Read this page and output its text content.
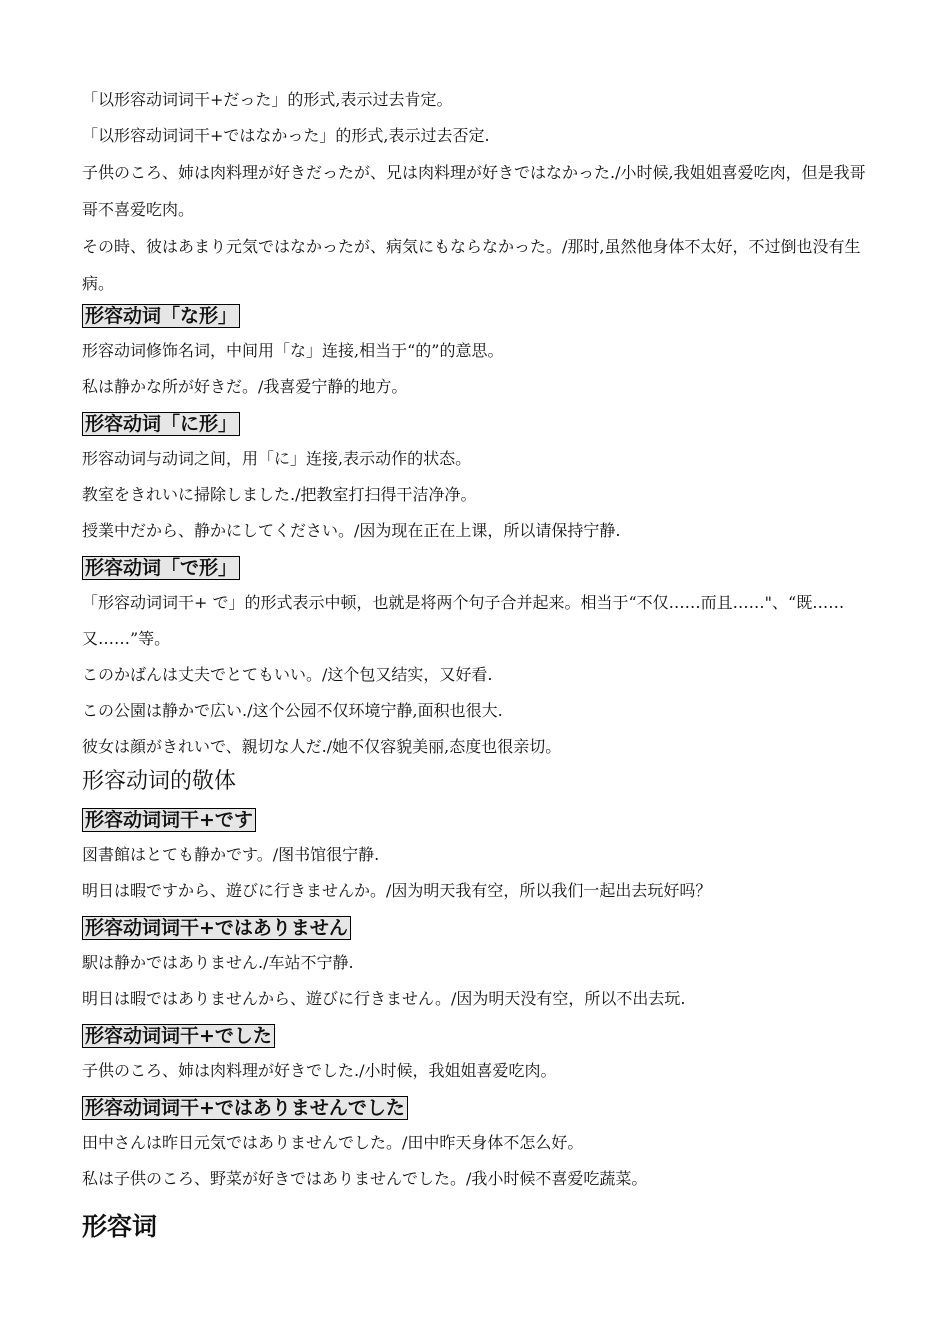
「以形容动词词干+だった」的形式,表示过去肯定。

「以形容动词词干+ではなかった」的形式,表示过去否定.

子供のころ、姉は肉料理が好きだったが、兄は肉料理が好きではなかった./小时候,我姐姐喜爱吃肉，但是我哥哥不喜爱吃肉。

その時、彼はあまり元気ではなかったが、病気にもならなかった。/那时,虽然他身体不太好，不过倒也没有生病。

形容动词「な形」

形容动词修饰名词，中间用「な」连接,相当于“的”的意思。

私は静かな所が好きだ。/我喜爱宁静的地方。

形容动词「に形」

形容动词与动词之间，用「に」连接,表示动作的状态。

教室をきれいに掃除しました./把教室打扫得干洁净净。

授業中だから、静かにしてください。/因为现在正在上课，所以请保持宁静.

形容动词「で形」

「形容动词词干+ で」的形式表示中顿，也就是将两个句子合并起来。相当于“不仅……而且……"、“既……又……”等。

このかばんは丈夫でとてもいい。/这个包又结实，又好看.

この公園は静かで広い./这个公园不仅环境宁静,面积也很大.

彼女は顔がきれいで、親切な人だ./她不仅容貌美丽,态度也很亲切。

形容动词的敬体

形容动词词干+です

図書館はとても静かです。/图书馆很宁静.

明日は暇ですから、遊びに行きませんか。/因为明天我有空，所以我们一起出去玩好吗？

形容动词词干+ではありません

駅は静かではありません./车站不宁静.

明日は暇ではありませんから、遊びに行きません。/因为明天没有空，所以不出去玩.

形容动词词干+でした

子供のころ、姉は肉料理が好きでした./小时候，我姐姐喜爱吃肉。

形容动词词干+ではありませんでした

田中さんは昨日元気ではありませんでした。/田中昨天身体不怎么好。

私は子供のころ、野菜が好きではありませんでした。/我小时候不喜爱吃蔬菜。

形容词
